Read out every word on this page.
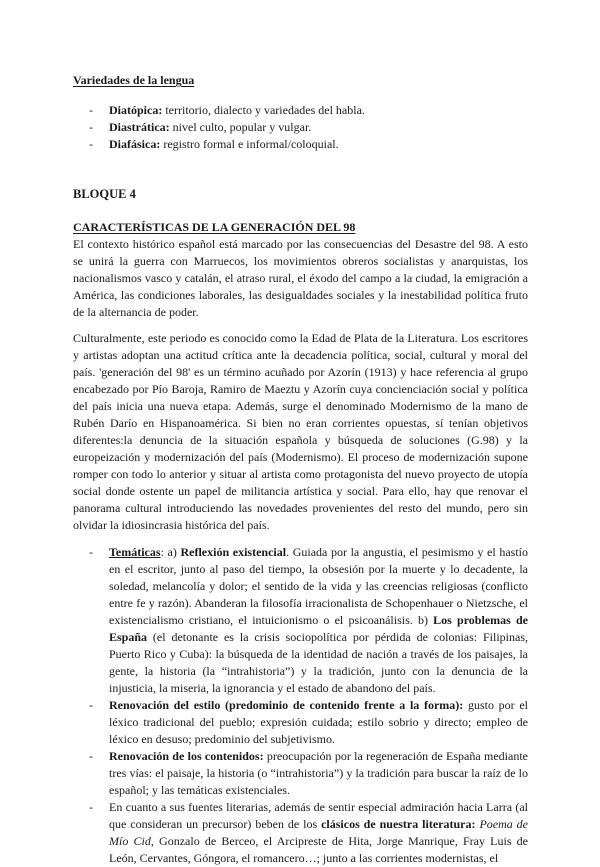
Variedades de la lengua
- Diatópica: territorio, dialecto y variedades del habla.
- Diastrática: nivel culto, popular y vulgar.
- Diafásica: registro formal e informal/coloquial.
BLOQUE 4
CARACTERÍSTICAS DE LA GENERACIÓN DEL 98

El contexto histórico español está marcado por las consecuencias del Desastre del 98. A esto se unirá la guerra con Marruecos, los movimientos obreros socialistas y anarquistas, los nacionalismos vasco y catalán, el atraso rural, el éxodo del campo a la ciudad, la emigración a América, las condiciones laborales, las desigualdades sociales y la inestabilidad política fruto de la alternancia de poder.

Culturalmente, este periodo es conocido como la Edad de Plata de la Literatura. Los escritores y artistas adoptan una actitud crítica ante la decadencia política, social, cultural y moral del país. 'generación del 98' es un término acuñado por Azorín (1913) y hace referencia al grupo encabezado por Pío Baroja, Ramiro de Maeztu y Azorín cuya concienciación social y política del país inicia una nueva etapa. Además, surge el denominado Modernismo de la mano de Rubén Darío en Hispanoamérica. Si bien no eran corrientes opuestas, sí tenían objetivos diferentes:la denuncia de la situación española y búsqueda de soluciones (G.98) y la europeización y modernización del país (Modernismo). El proceso de modernización supone romper con todo lo anterior y situar al artista como protagonista del nuevo proyecto de utopía social donde ostente un papel de militancia artística y social. Para ello, hay que renovar el panorama cultural introduciendo las novedades provenientes del resto del mundo, pero sin olvidar la idiosincrasia histórica del país.

- Temáticas: a) Reflexión existencial. Guiada por la angustia, el pesimismo y el hastío en el escritor, junto al paso del tiempo, la obsesión por la muerte y lo decadente, la soledad, melancolía y dolor; el sentido de la vida y las creencias religiosas (conflicto entre fe y razón). Abanderan la filosofía irracionalista de Schopenhauer o Nietzsche, el existencialismo cristiano, el intuicionismo o el psicoanálisis. b) Los problemas de España (el detonante es la crisis sociopolítica por pérdida de colonias: Filipinas, Puerto Rico y Cuba): la búsqueda de la identidad de nación a través de los paisajes, la gente, la historia (la “intrahistoria”) y la tradición, junto con la denuncia de la injusticia, la miseria, la ignorancia y el estado de abandono del país.
- Renovación del estilo (predominio de contenido frente a la forma): gusto por el léxico tradicional del pueblo; expresión cuidada; estilo sobrio y directo; empleo de léxico en desuso; predominio del subjetivismo.
- Renovación de los contenidos: preocupación por la regeneración de España mediante tres vías: el paisaje, la historia (o “intrahistoria”) y la tradición para buscar la raíz de lo español; y las temáticas existenciales.
- En cuanto a sus fuentes literarias, además de sentir especial admiración hacia Larra (al que consideran un precursor) beben de los clásicos de nuestra literatura: Poema de Mío Cid, Gonzalo de Berceo, el Arcipreste de Hita, Jorge Manrique, Fray Luis de León, Cervantes, Góngora, el romancero…; junto a las corrientes modernistas, el
